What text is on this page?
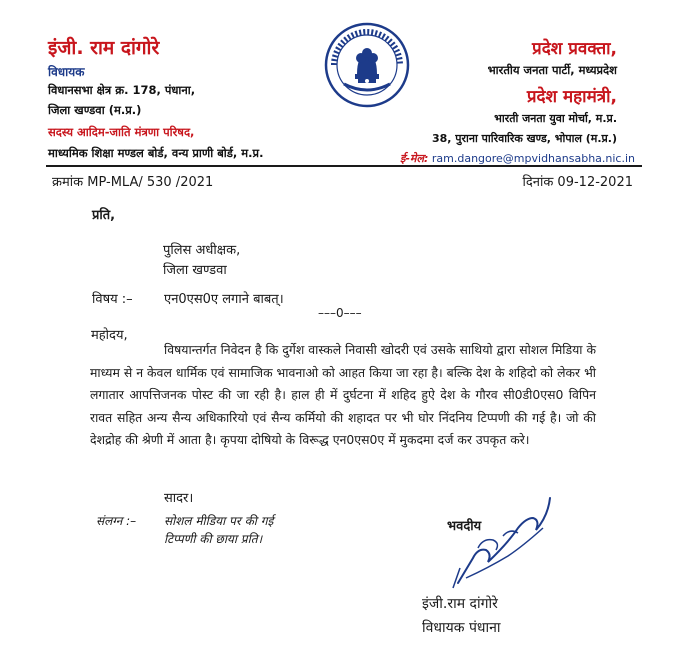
इंजी. राम दांगोरे
विधायक
विधानसभा क्षेत्र क्र. 178, पंधाना,
जिला खण्डवा (म.प्र.)
सदस्य आदिम-जाति मंत्रणा परिषद,
माध्यमिक शिक्षा मण्डल बोर्ड, वन्य प्राणी बोर्ड, म.प्र.
प्रदेश प्रवक्ता,
भारतीय जनता पार्टी, मध्यप्रदेश
प्रदेश महामंत्री,
भारती जनता युवा मोर्चा, म.प्र.
38, पुराना पारिवारिक खण्ड, भोपाल (म.प्र.)
ई-मेल: ram.dangore@mpvidhansabha.nic.in
क्रमांक MP-MLA/ 530 /2021	दिनांक 09-12-2021
प्रति,
पुलिस अधीक्षक,
जिला खण्डवा
विषय :– एन0एस0ए लगाने बाबत्।
–––0–––
महोदय,
विषयान्तर्गत निवेदन है कि दुर्गेश वास्कले निवासी खोदरी एवं उसके साथियो द्वारा सोशल मिडिया के माध्यम से न केवल धार्मिक एवं सामाजिक भावनाओ को आहत किया जा रहा है। बल्कि देश के शहिदो को लेकर भी लगातार आपत्तिजनक पोस्ट की जा रही है। हाल ही में दुर्घटना में शहिद हुऐ देश के गौरव सी0डी0एस0 विपिन रावत सहित अन्य सैन्य अधिकारियो एवं सैन्य कर्मियो की शहादत पर भी घोर निंदनिय टिप्पणी की गई है। जो की देशद्रोह की श्रेणी में आता है। कृपया दोषियो के विरूद्ध एन0एस0ए में मुकदमा दर्ज कर उपकृत करे।
सादर।
संलग्न :– सोशल मीडिया पर की गई
टिप्पणी की छाया प्रति।
भवदीय
इंजी.राम दांगोरे
विधायक पंधाना
